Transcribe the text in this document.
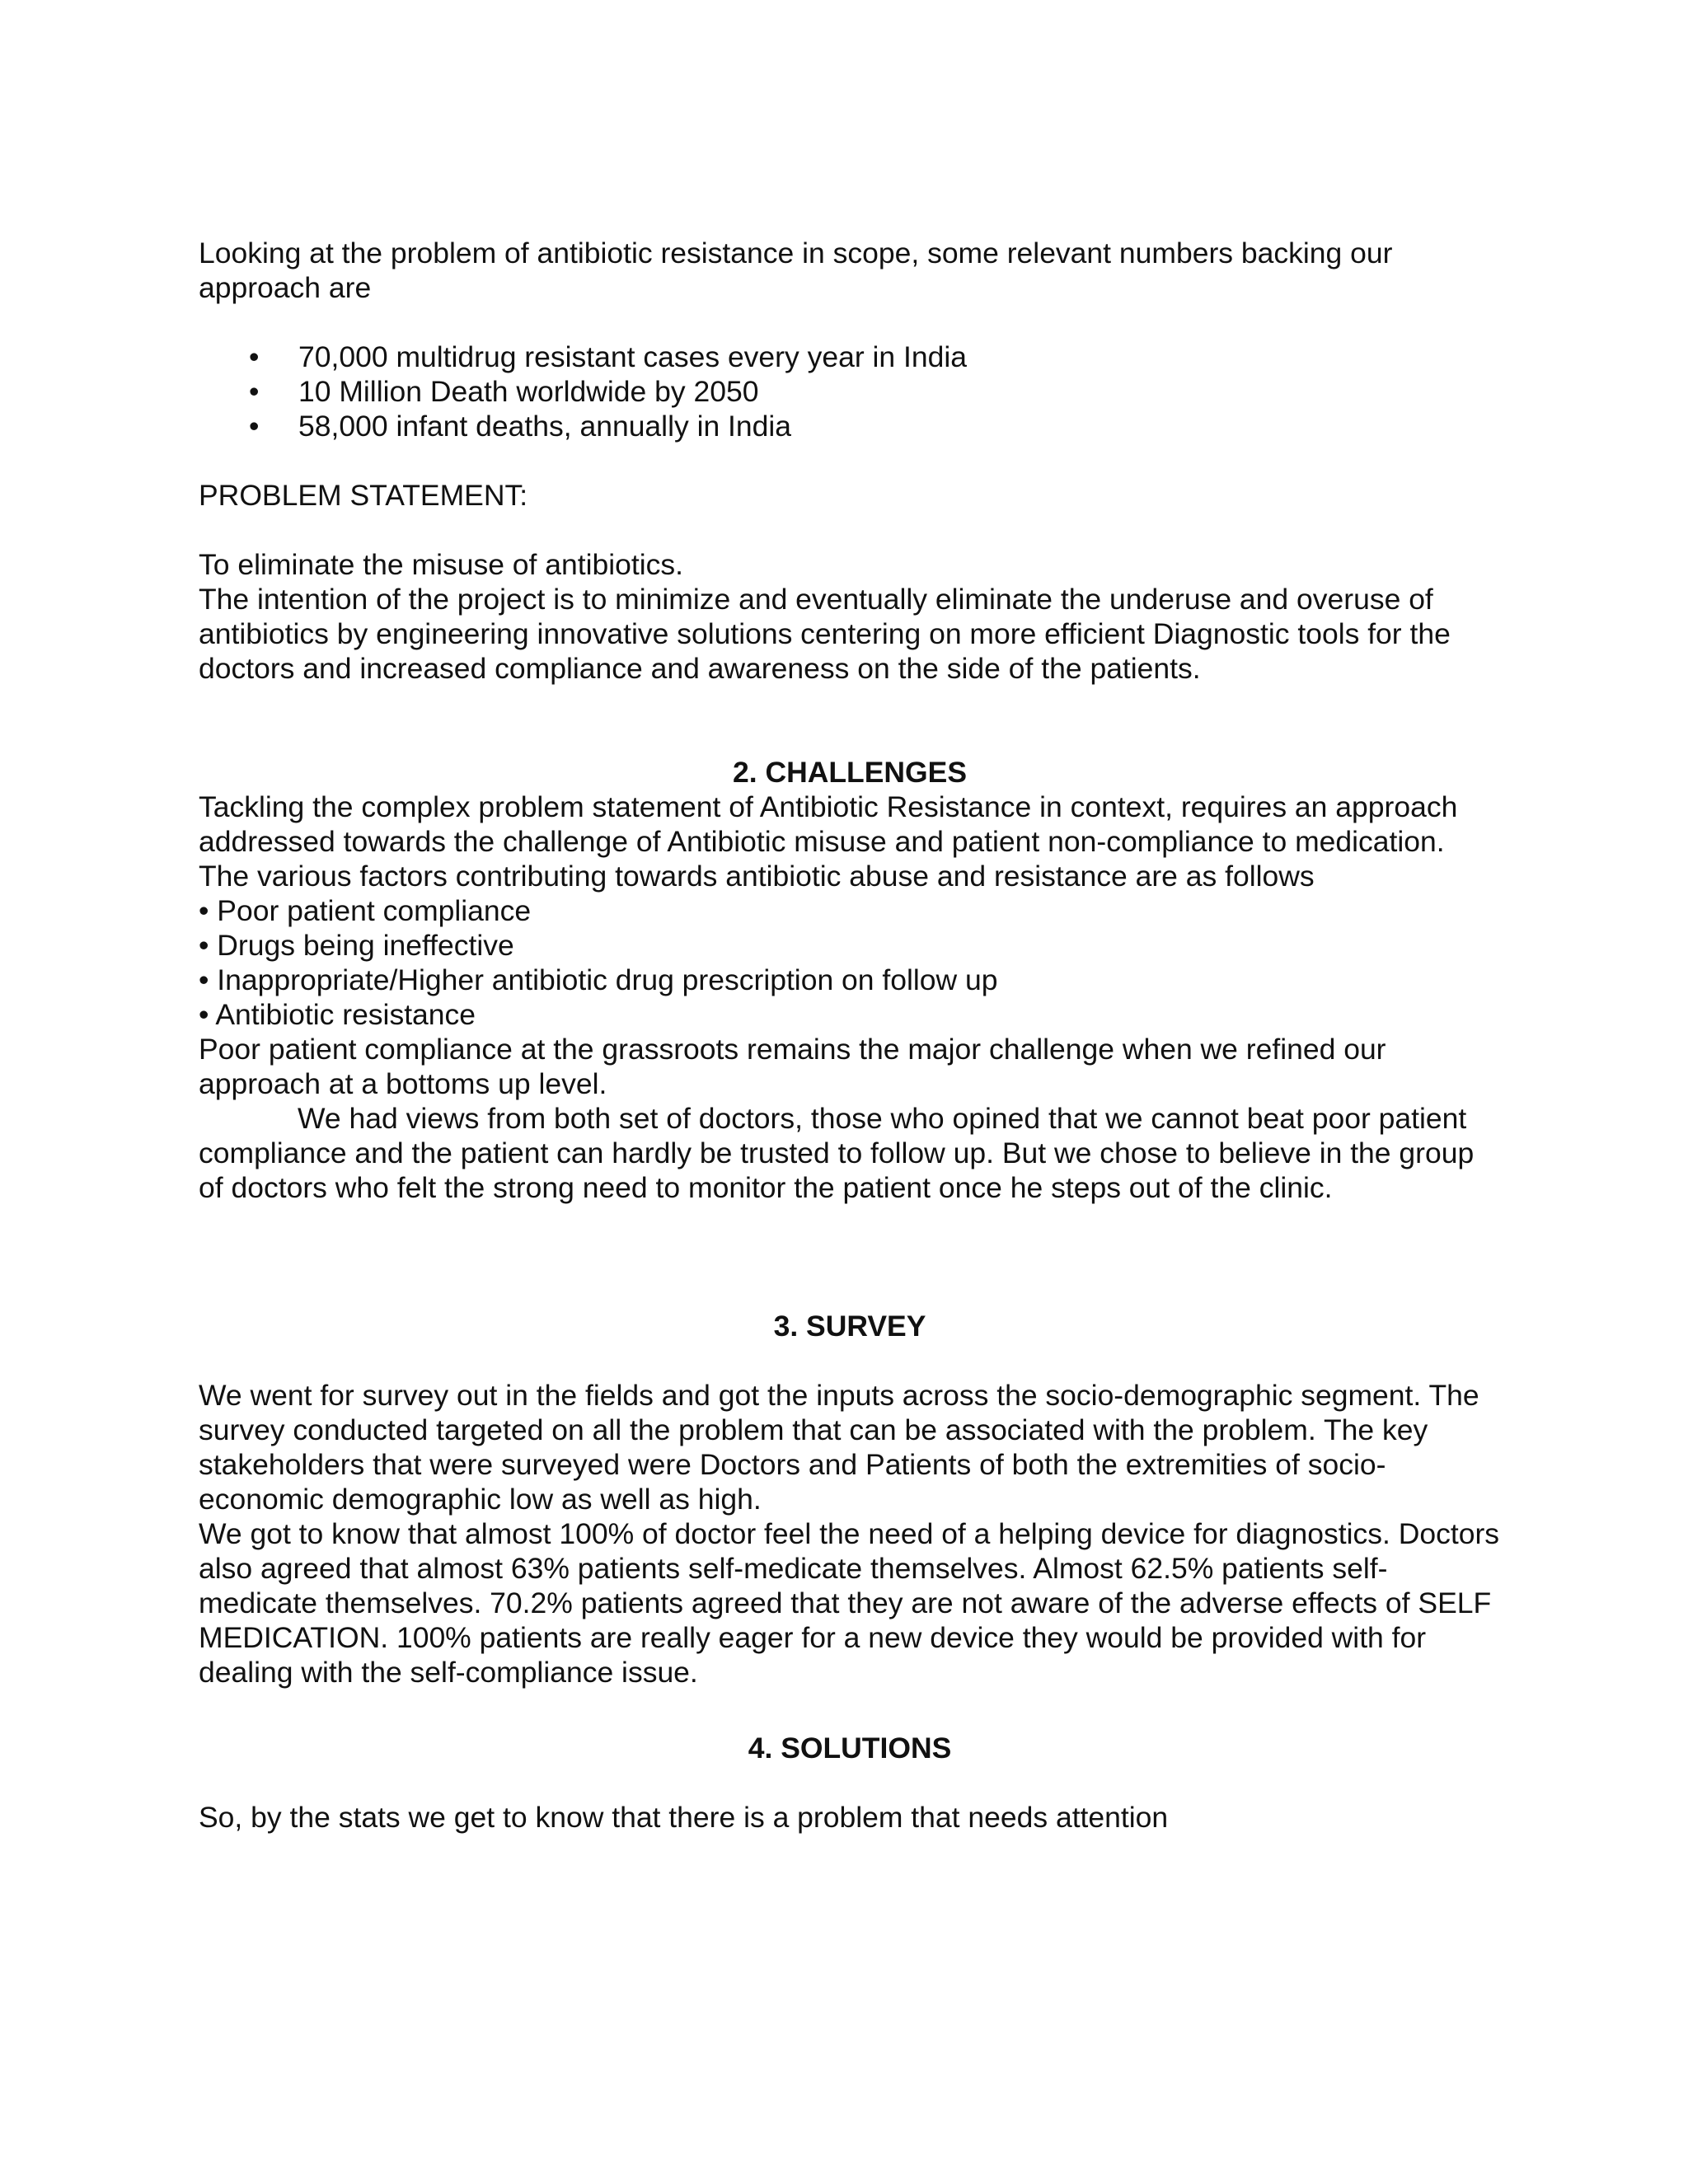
Looking at the problem of antibiotic resistance in scope, some relevant numbers backing our approach are

• 70,000 multidrug resistant cases every year in India
• 10 Million Death worldwide by 2050
• 58,000 infant deaths, annually in India

PROBLEM STATEMENT:

To eliminate the misuse of antibiotics.

The intention of the project is to minimize and eventually eliminate the underuse and overuse of antibiotics by engineering innovative solutions centering on more efficient Diagnostic tools for the doctors and increased compliance and awareness on the side of the patients.

2. CHALLENGES

Tackling the complex problem statement of Antibiotic Resistance in context, requires an approach addressed towards the challenge of Antibiotic misuse and patient non-compliance to medication.

The various factors contributing towards antibiotic abuse and resistance are as follows

• Poor patient compliance

• Drugs being ineffective

• Inappropriate/Higher antibiotic drug prescription on follow up

• Antibiotic resistance

Poor patient compliance at the grassroots remains the major challenge when we refined our approach at a bottoms up level.

We had views from both set of doctors, those who opined that we cannot beat poor patient compliance and the patient can hardly be trusted to follow up. But we chose to believe in the group of doctors who felt the strong need to monitor the patient once he steps out of the clinic.

3. SURVEY

We went for survey out in the fields and got the inputs across the socio-demographic segment. The survey conducted targeted on all the problem that can be associated with the problem. The key stakeholders that were surveyed were Doctors and Patients of both the extremities of socio-economic demographic low as well as high.

We got to know that almost 100% of doctor feel the need of a helping device for diagnostics. Doctors also agreed that almost 63% patients self-medicate themselves. Almost 62.5% patients self-medicate themselves. 70.2% patients agreed that they are not aware of the adverse effects of SELF MEDICATION. 100% patients are really eager for a new device they would be provided with for dealing with the self-compliance issue.

4. SOLUTIONS

So, by the stats we get to know that there is a problem that needs attention
